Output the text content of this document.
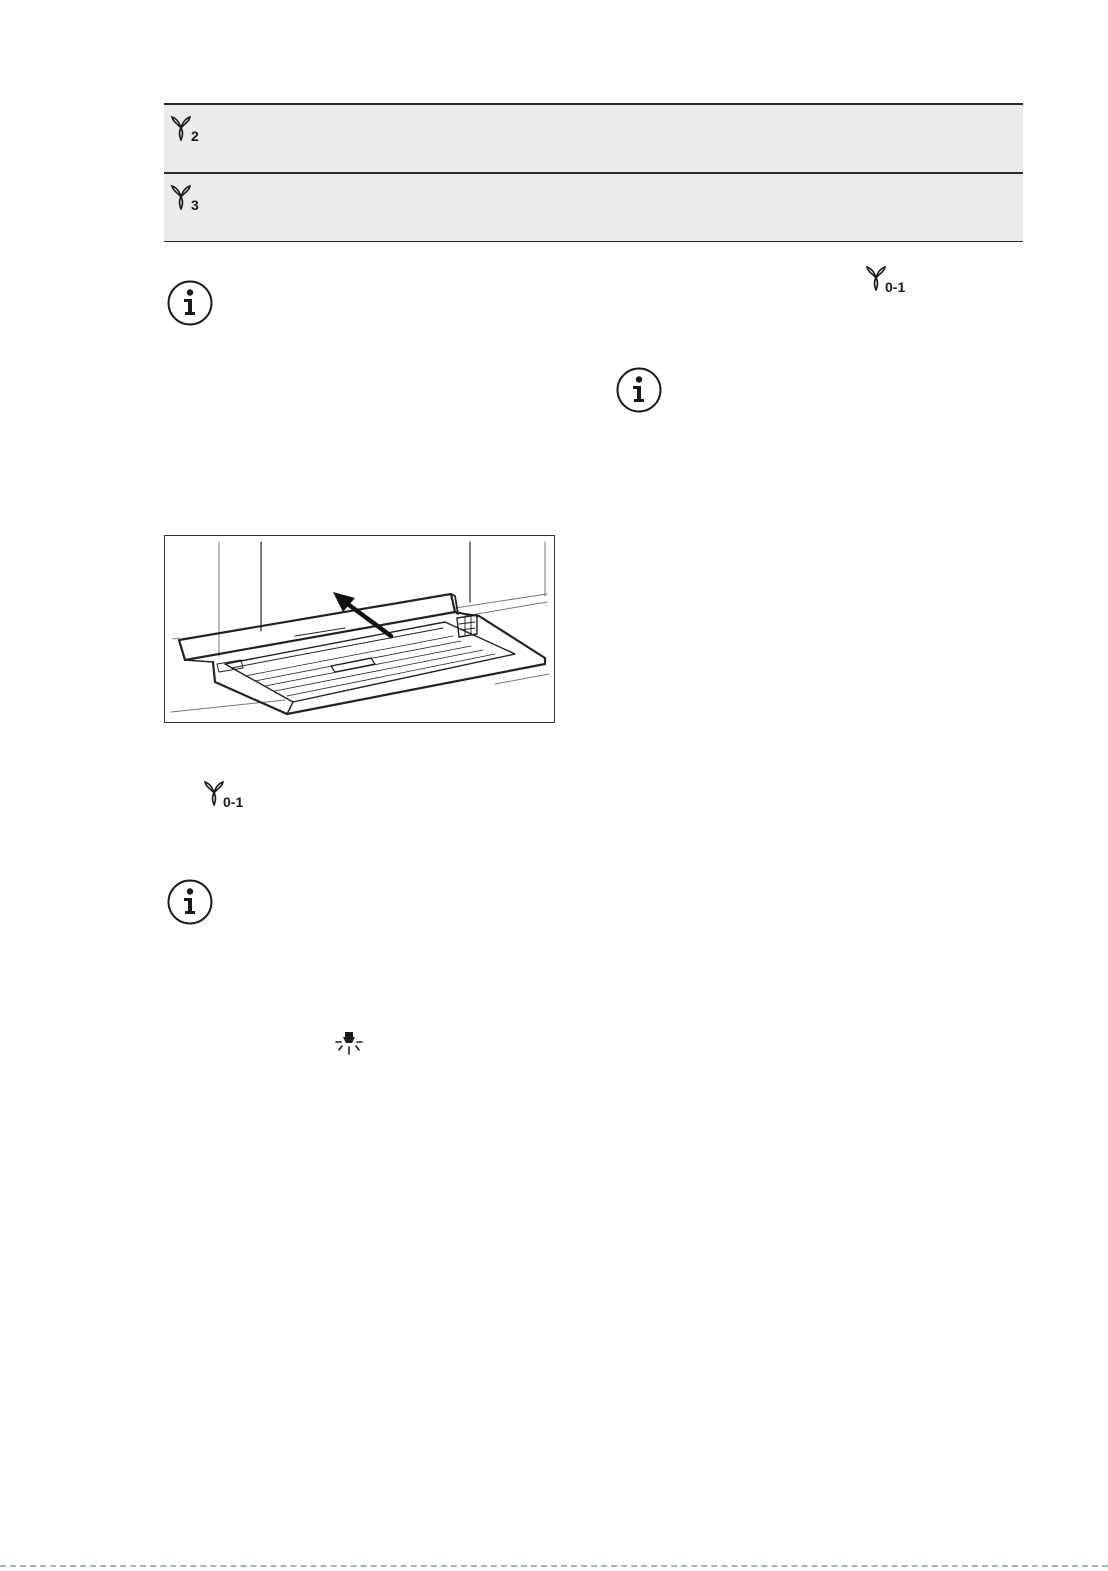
2
3
0-1
0-1
